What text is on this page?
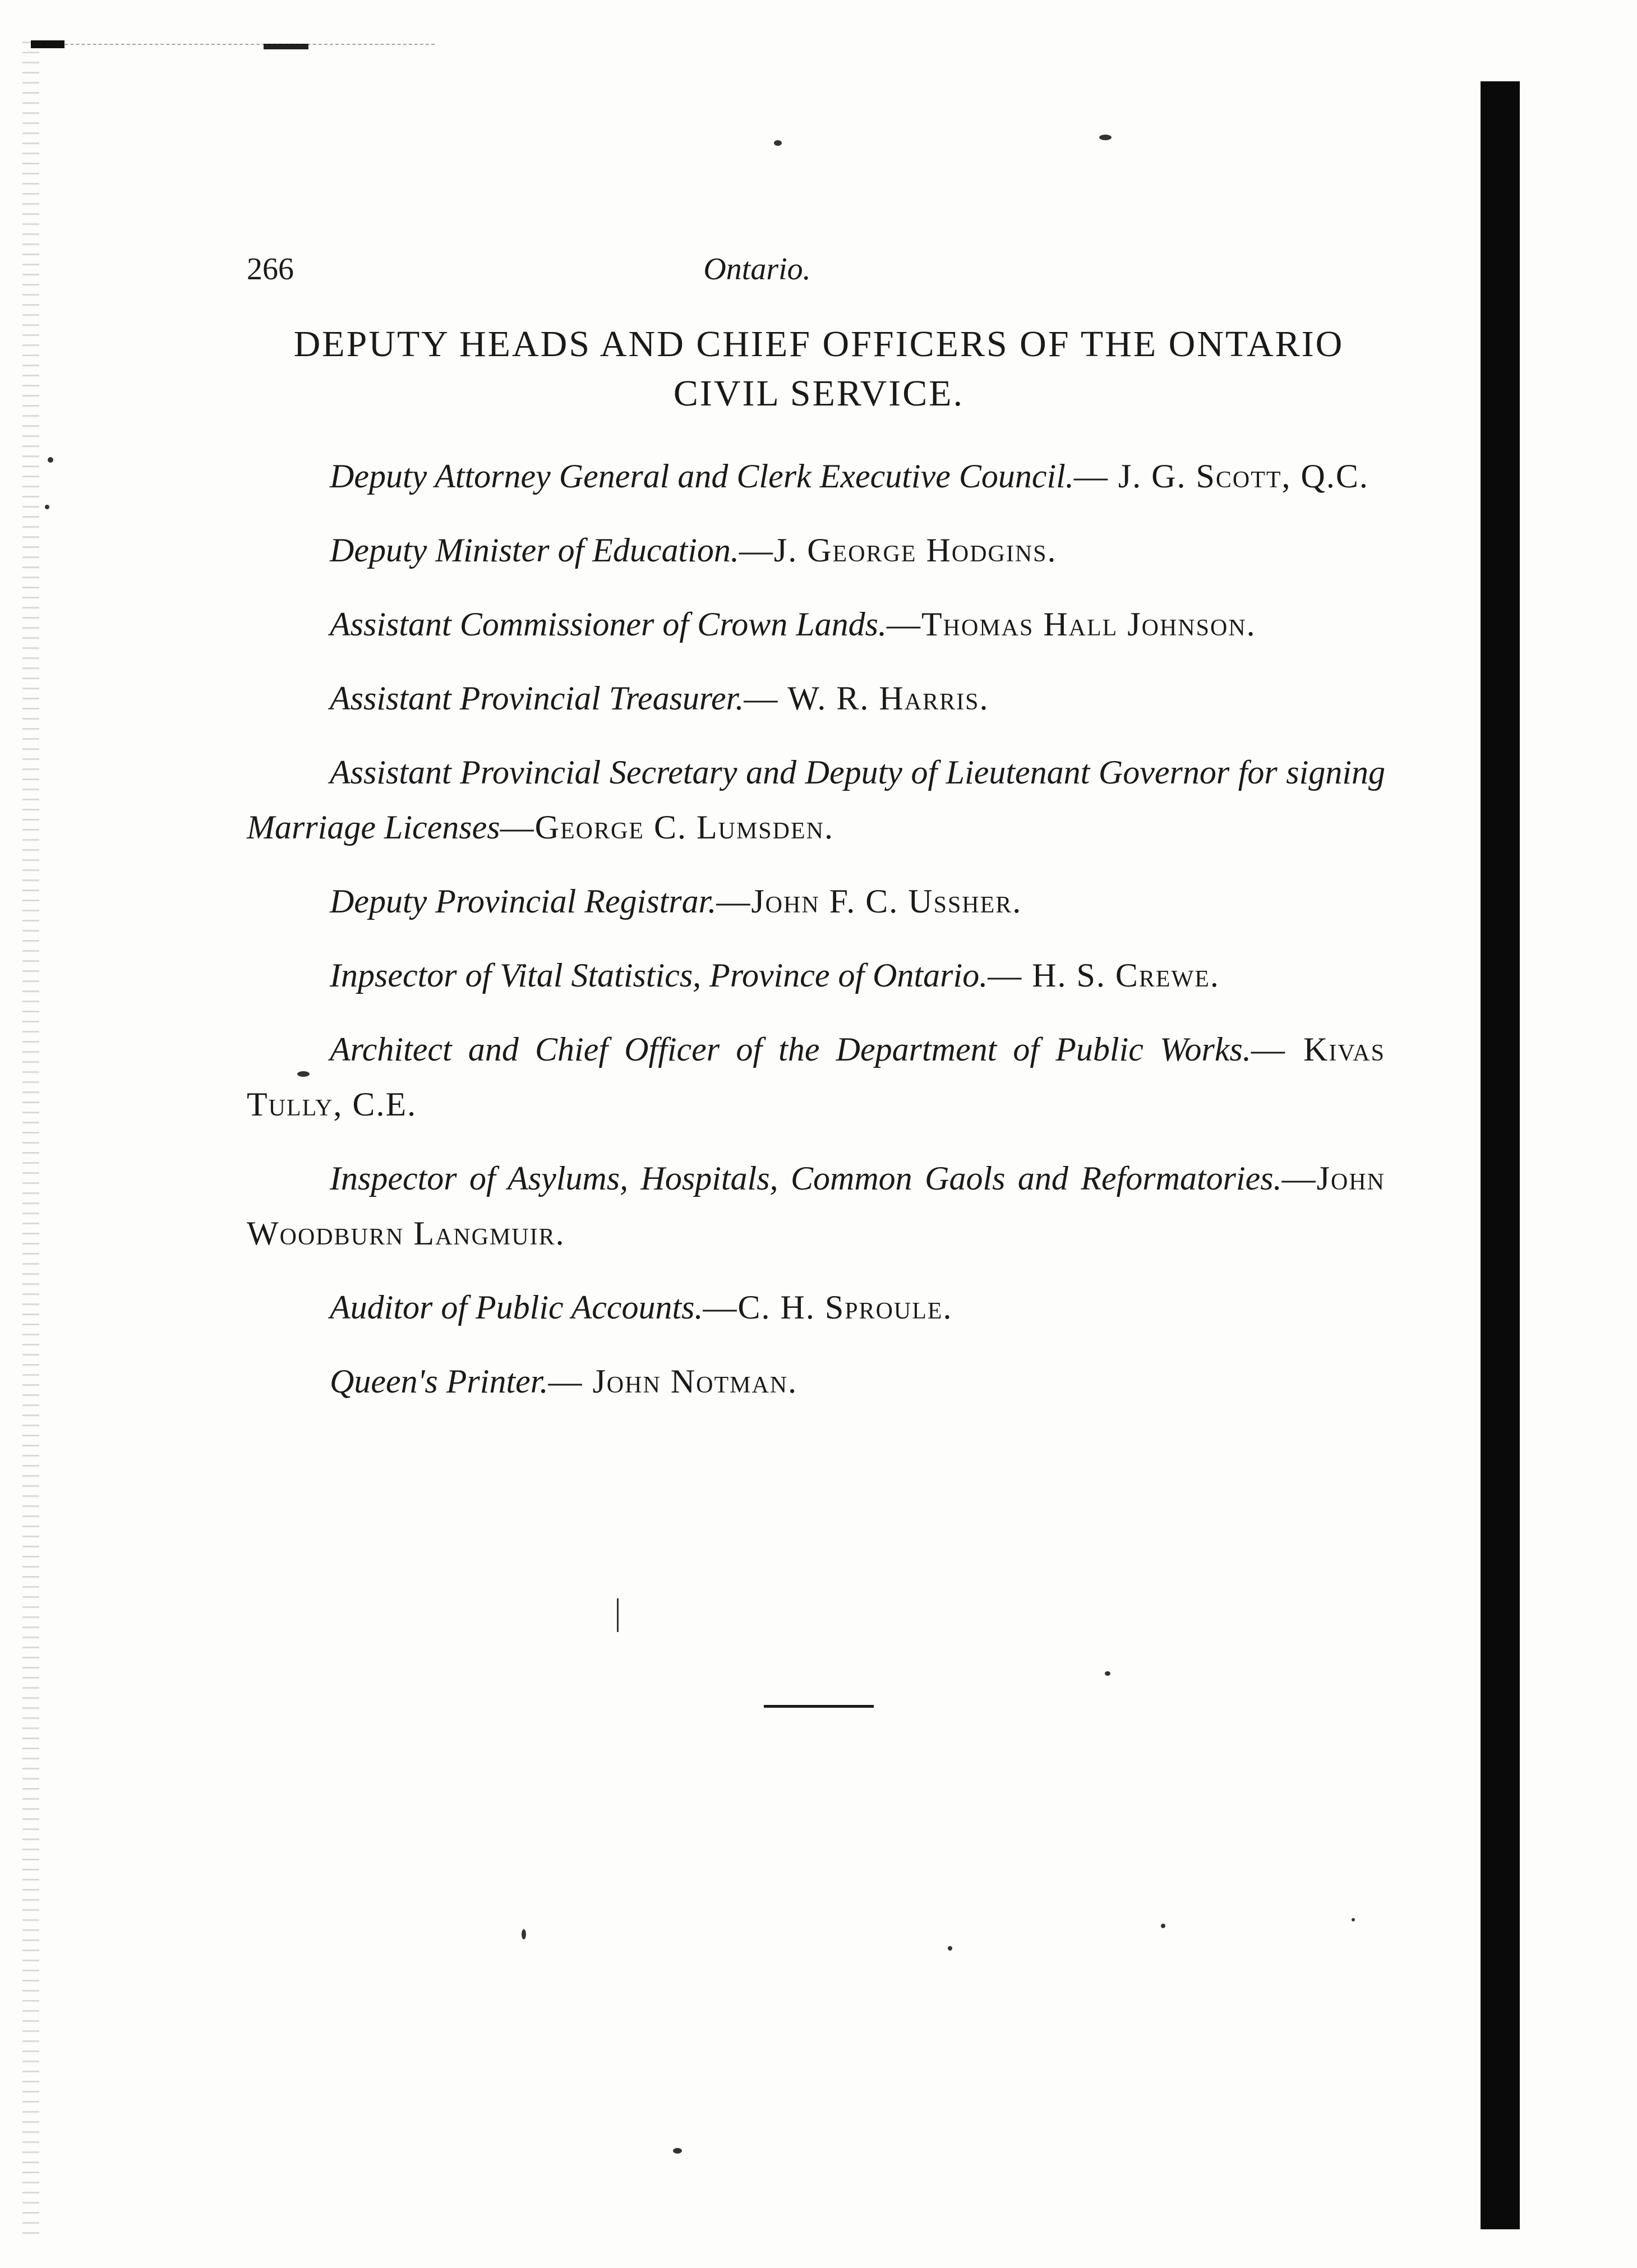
266	Ontario.
DEPUTY HEADS AND CHIEF OFFICERS OF THE ONTARIO
CIVIL SERVICE.

Deputy Attorney General and Clerk Executive Council.— J. G. Scott, Q.C.

Deputy Minister of Education.—J. George Hodgins.

Assistant Commissioner of Crown Lands.—Thomas Hall Johnson.

Assistant Provincial Treasurer.— W. R. Harris.

Assistant Provincial Secretary and Deputy of Lieutenant Governor for signing Marriage Licenses—George C. Lumsden.

Deputy Provincial Registrar.—John F. C. Ussher.

Inpsector of Vital Statistics, Province of Ontario.— H. S. Crewe.

Architect and Chief Officer of the Department of Public Works.— Kivas Tully, C.E.

Inspector of Asylums, Hospitals, Common Gaols and Reformatories.—John Woodburn Langmuir.

Auditor of Public Accounts.—C. H. Sproule.

Queen's Printer.— John Notman.
